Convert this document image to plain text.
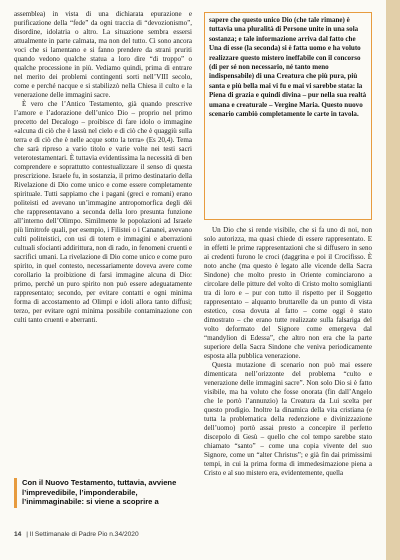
assemblea) in vista di una dichiarata epurazione e purificazione della “fede” da ogni traccia di “devozionismo”, disordine, idolatria o altro. La situazione sembra essersi attualmente in parte calmata, ma non del tutto. Ci sono ancora voci che si lamentano e si fanno prendere da strani pruriti quando vedono qualche statua a loro dire “di troppo” o qualche processione in più. Vediamo quindi, prima di entrare nel merito dei problemi contingenti sorti nell’VIII secolo, come e perché nacque e si stabilizzò nella Chiesa il culto e la venerazione delle immagini sacre.

È vero che l’Antico Testamento, già quando prescrive l’amore e l’adorazione dell’unico Dio – proprio nel primo precetto del Decalogo – proibisce di fare idolo o immagine «alcuna di ciò che è lassù nel cielo e di ciò che è quaggiù sulla terra e di ciò che è nelle acque sotto la terra» (Es 20,4). Tema che sarà ripreso a vario titolo e varie volte nei testi sacri veterotestamentari. È tuttavia evidentissima la necessità di ben comprendere e soprattutto contestualizzare il senso di questa prescrizione. Israele fu, in sostanzia, il primo destinatario della Rivelazione di Dio come unico e come essere completamente spirituale. Tutti sappiamo che i pagani (greci e romani) erano politeisti ed avevano un’immagine antropomorfica degli dèi che rappresentavano a seconda della loro presunta funzione all’interno dell’Olimpo. Similmente le popolazioni ad Israele più limitrofe quali, per esempio, i Filistei o i Cananei, avevano culti politeistici, con usi di totem e immagini e aberrazioni cultuali sfocianti addirittura, non di rado, in fenomeni cruenti e sacrifici umani. La rivelazione di Dio come unico e come puro spirito, in quel contesto, necessariamente doveva avere come corollario la proibizione di farsi immagine alcuna di Dio: primo, perché un puro spirito non può essere adeguatamente rappresentato; secondo, per evitare contatti e ogni minima forma di accostamento ad Olimpi e idoli allora tanto diffusi; terzo, per evitare ogni minima possibile contaminazione con culti tanto cruenti e aberranti.

Con il Nuovo Testamento, tuttavia, avviene l’imprevedibile, l’imponderabile, l’inimmaginabile: si viene a scoprire a

sapere che questo unico Dio (che tale rimane) è tuttavia una pluralità di Persone unite in una sola sostanza; e tale informazione arriva dal fatto che Una di esse (la seconda) si è fatta uomo e ha voluto realizzare questo mistero ineffabile con il concorso (di per sé non necessario, né tanto meno indispensabile) di una Creatura che più pura, più santa e più bella mai vi fu e mai vi sarebbe stata: la Piena di grazia e quindi divina – pur nella sua realtà umana e creaturale – Vergine Maria. Questo nuovo scenario cambiò completamente le carte in tavola.

Un Dio che si rende visibile, che si fa uno di noi, non solo autorizza, ma quasi chiede di essere rappresentato. E in effetti le prime rappresentazioni che si diffusero in seno ai credenti furono le croci (daggrina e poi il Crocifisso. È noto anche (ma questo è legato alle vicende della Sacra Sindone) che molto presto in Oriente cominciarono a circolare delle pitture del volto di Cristo molto somiglianti tra di loro e – pur con tutto il rispetto per il Soggetto rappresentato – alquanto bruttarelle da un punto di vista estetico, cosa dovuta al fatto – come oggi è stato dimostrato – che erano tutte realizzate sulla falsariga del volto deformato del Signore come emergeva dal “mandylion di Edessa”, che altro non era che la parte superiore della Sacra Sindone che veniva periodicamente esposta alla pubblica venerazione.

Questa mutazione di scenario non può mai essere dimenticata nell’orizzonte del problema “culto e venerazione delle immagini sacre”. Non solo Dio si è fatto visibile, ma ha voluto che fosse onorata (fin dall’Angelo che le portò l’annunzio) la Creatura da Lui scelta per questo prodigio. Inoltre la dinamica della vita cristiana (e tutta la problematica della redenzione e divinizzazione dell’uomo) portò assai presto a concepire il perfetto discepolo di Gesù – quello che col tempo sarebbe stato chiamato “santo” – come una copia vivente del suo Signore, come un “alter Christus”; e già fin dai primissimi tempi, in cui la prima forma di immedesimazione piena a Cristo e al suo mistero era, evidentemente, quella

14 | Il Settimanale di Padre Pio n.34/2020
